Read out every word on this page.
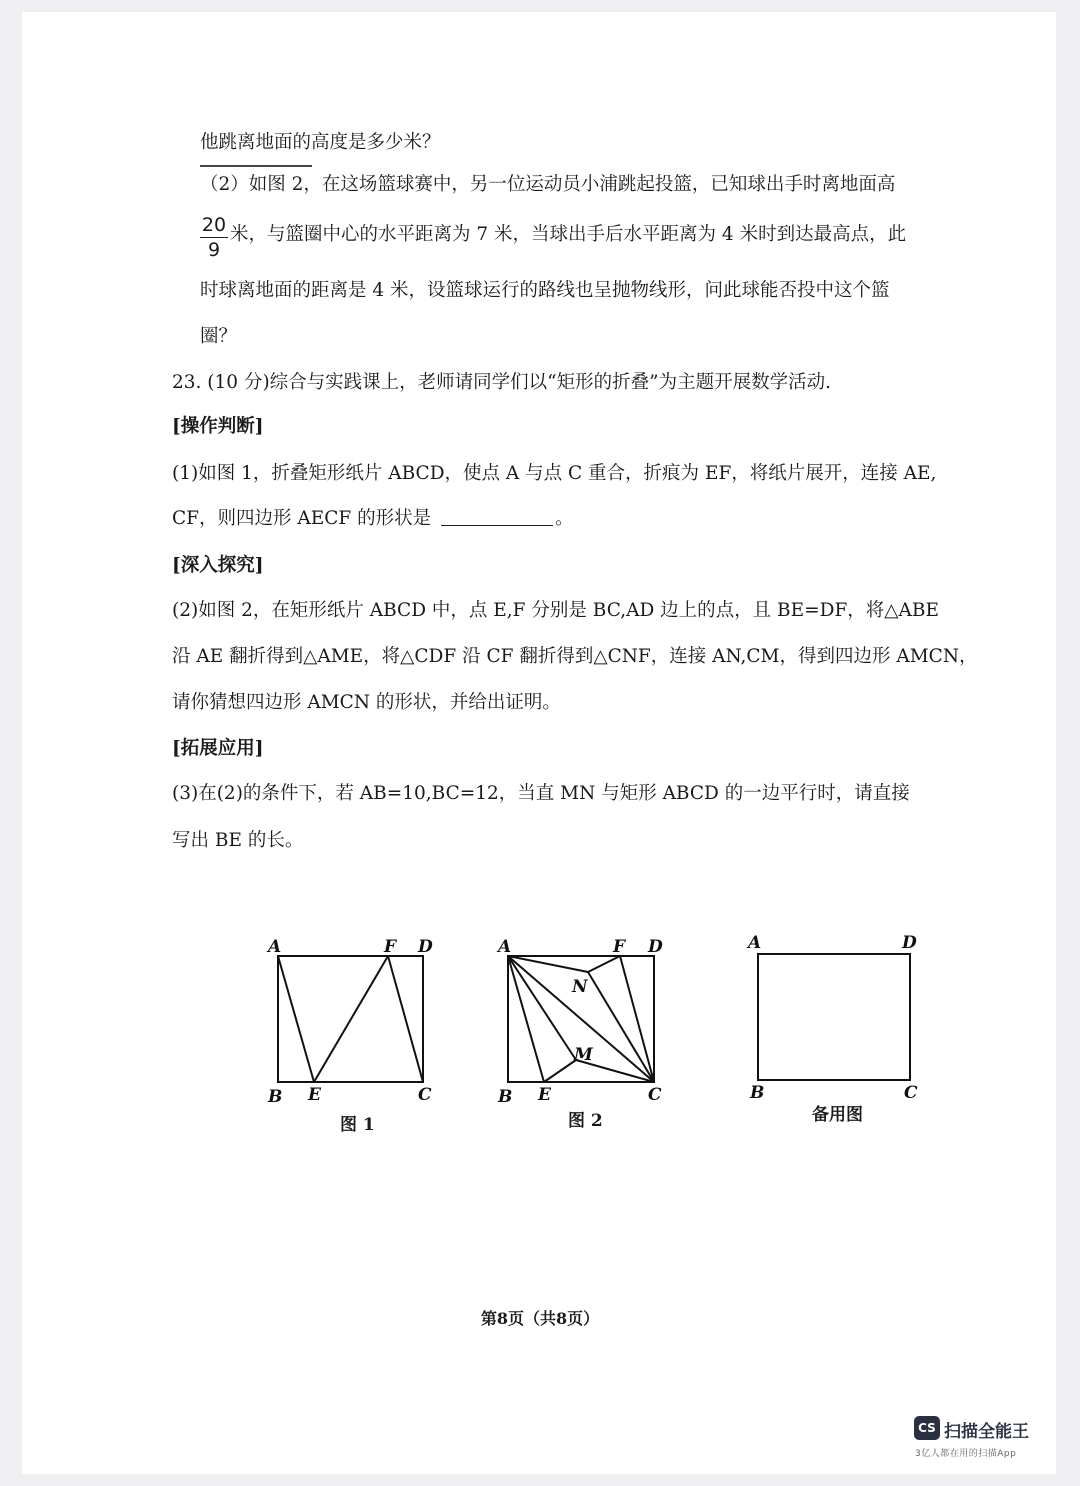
他跳离地面的高度是多少米？
（2）如图 2，在这场篮球赛中，另一位运动员小浦跳起投篮，已知球出手时离地面高
$\frac{20}{9}$ 米，与篮圈中心的水平距离为 7 米，当球出手后水平距离为 4 米时到达最高点，此
时球离地面的距离是 4 米，设篮球运行的路线也呈抛物线形，问此球能否投中这个篮
圈？
23. (10 分)综合与实践课上，老师请同学们以“矩形的折叠”为主题开展数学活动.
[操作判断]
(1)如图 1，折叠矩形纸片 ABCD，使点 A 与点 C 重合，折痕为 EF，将纸片展开，连接 AE,
CF，则四边形 AECF 的形状是	。
[深入探究]
(2)如图 2，在矩形纸片 ABCD 中，点 E,F 分别是 BC,AD 边上的点，且 BE=DF，将△ABE
沿 AE 翻折得到△AME，将△CDF 沿 CF 翻折得到△CNF，连接 AN,CM，得到四边形 AMCN，
请你猜想四边形 AMCN 的形状，并给出证明。
[拓展应用]
(3)在(2)的条件下，若 AB=10,BC=12，当直 MN 与矩形 ABCD 的一边平行时，请直接
写出 BE 的长。
A	F D
B E	C
图 1
A	F D
N
M
B E	C
图 2
A	D
B	C
备用图
第8页（共8页）
CS 扫描全能王
3亿人都在用的扫描App
